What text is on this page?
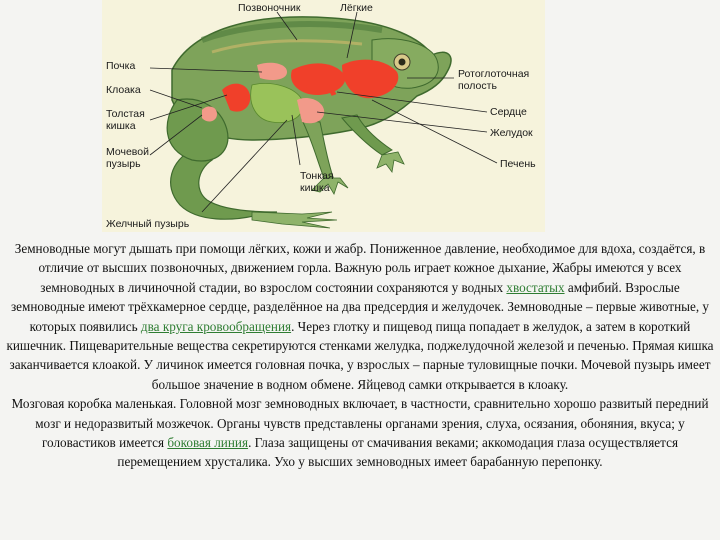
Позвоночник	Лёгкие
Почка
Клоака
Толстая
кишка
Мочевой
пузырь
Желчный пузырь
Тонкая
кишка
Ротоглоточная
полость
Сердце
Желудок
Печень

Земноводные могут дышать при помощи лёгких, кожи и жабр. Пониженное давление, необходимое для вдоха, создаётся, в отличие от высших позвоночных, движением горла. Важную роль играет кожное дыхание, Жабры имеются у всех земноводных в личиночной стадии, во взрослом состоянии сохраняются у водных хвостатых амфибий. Взрослые земноводные имеют трёхкамерное сердце, разделённое на два предсердия и желудочек. Земноводные – первые животные, у которых появились два круга кровообращения. Через глотку и пищевод пища попадает в желудок, а затем в короткий кишечник. Пищеварительные вещества секретируются стенками желудка, поджелудочной железой и печенью. Прямая кишка заканчивается клоакой. У личинок имеется головная почка, у взрослых – парные туловищные почки. Мочевой пузырь имеет большое значение в водном обмене. Яйцевод самки открывается в клоаку.

Мозговая коробка маленькая. Головной мозг земноводных включает, в частности, сравнительно хорошо развитый передний мозг и недоразвитый мозжечок. Органы чувств представлены органами зрения, слуха, осязания, обоняния, вкуса; у головастиков имеется боковая линия. Глаза защищены от смачивания веками; аккомодация глаза осуществляется перемещением хрусталика. Ухо у высших земноводных имеет барабанную перепонку.
